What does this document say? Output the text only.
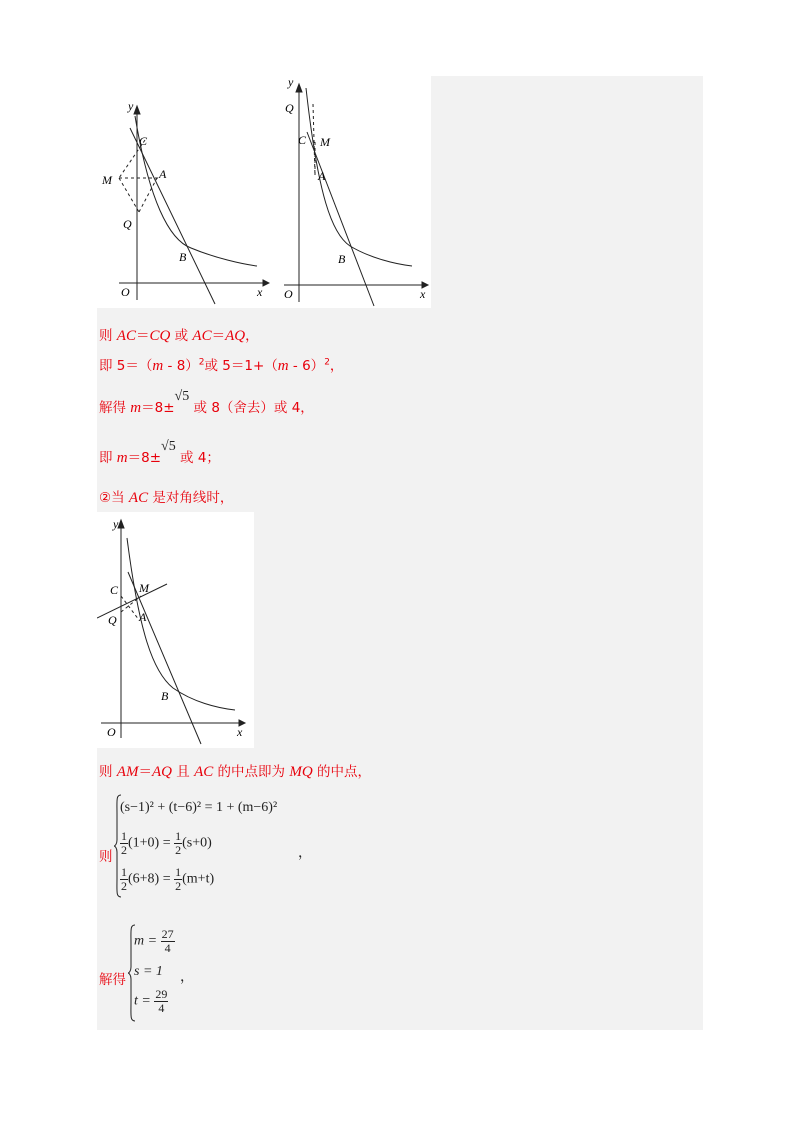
y
x
O
C
M	A
Q
B
y
x
O
C M
A
Q
B
则 AC＝CQ 或 AC＝AQ，
即 5＝（m - 8）$^2$或 5＝1+（m - 6）$^2$，
解得 m＝8±√5 或 8（舍去）或 4，
即 m＝8±√5 或 4；
②当 AC 是对角线时，
y
x
O
C M
A
Q
B
则 AM＝AQ 且 AC 的中点即为 MQ 的中点，
则
(s−1)² + (t−6)² = 1 + (m−6)²
$\frac{1}{2} (1+0) = \frac{1}{2} (s+0)$
$\frac{1}{2} (6+8) = \frac{1}{2} (m+t)$
，
解得
$m = \frac{27}{4}$
s = 1
$t = \frac{29}{4}$
，
